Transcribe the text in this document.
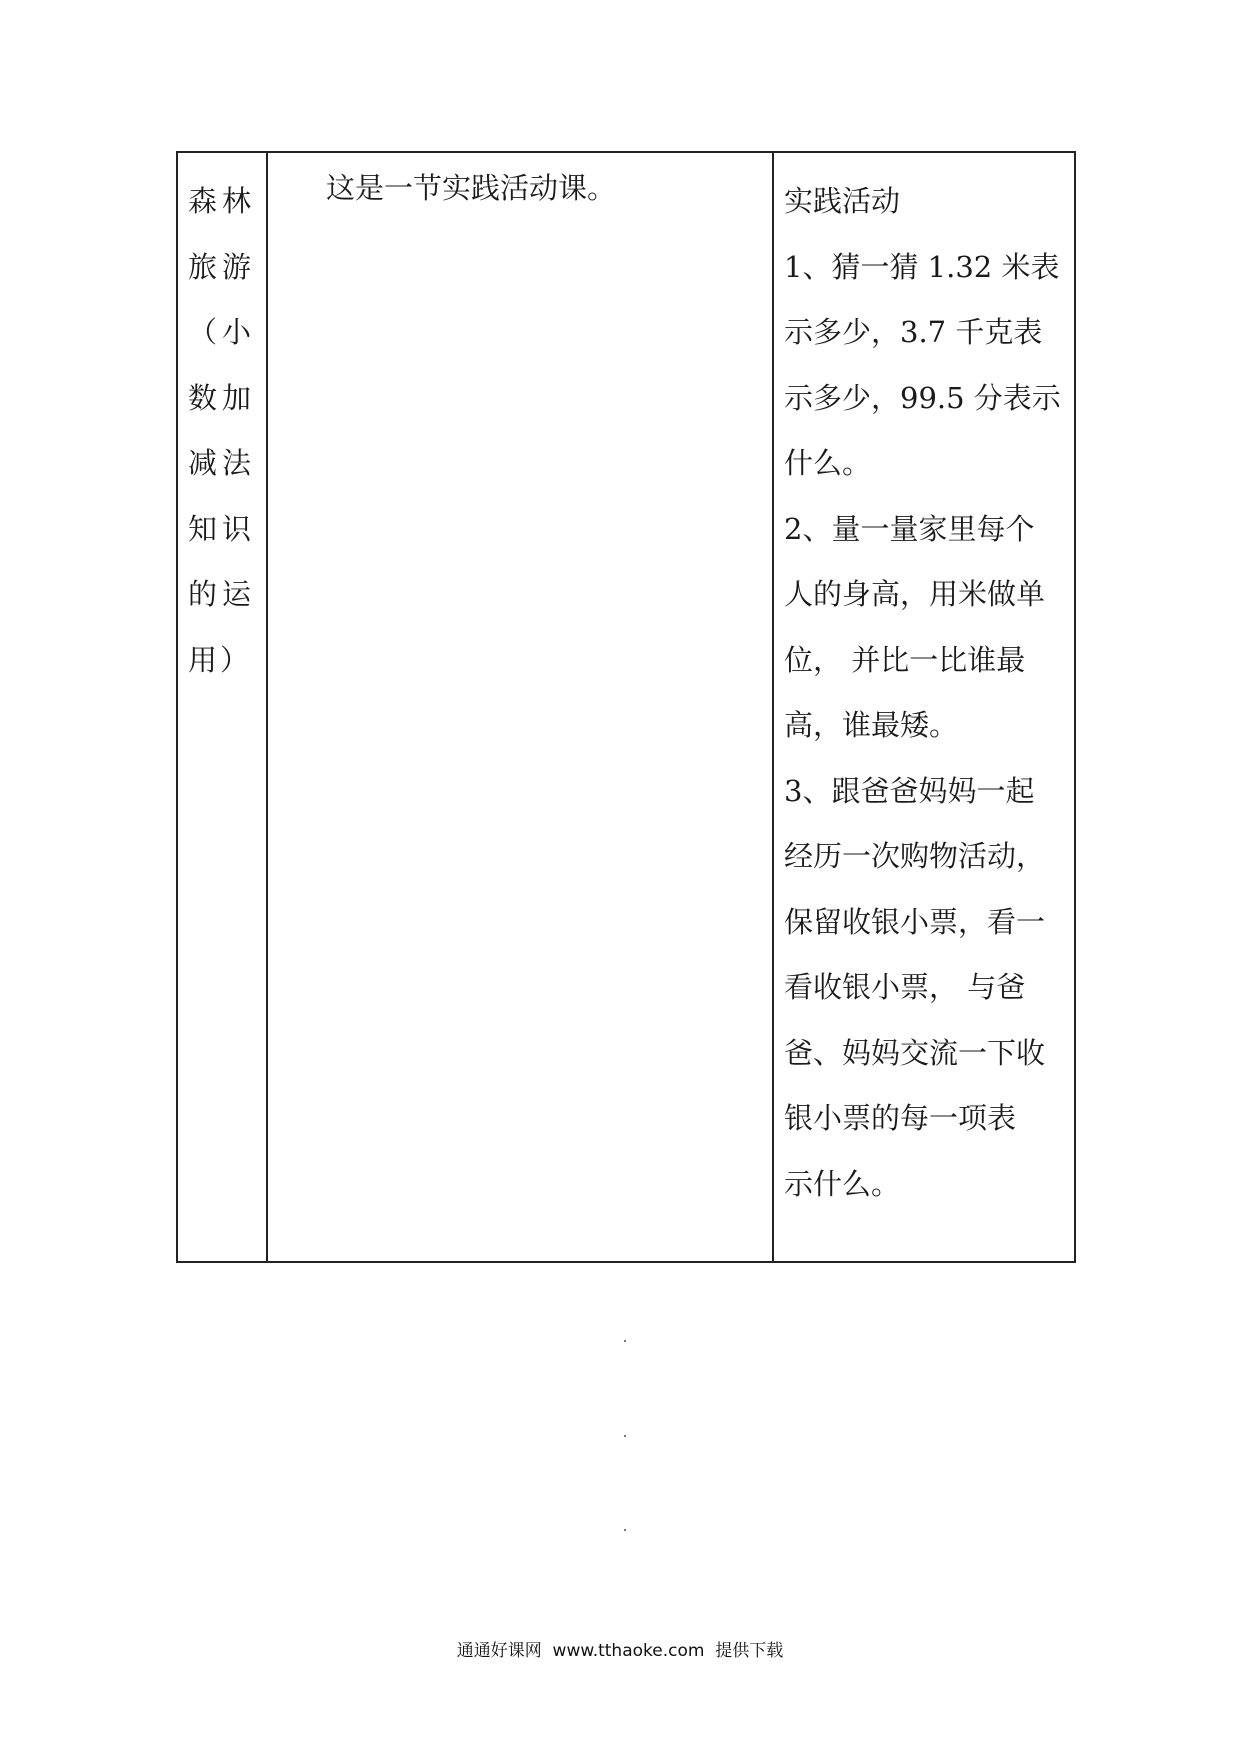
森林旅游（小数加减法知识的运用）
这是一节实践活动课。	实践活动
1、猜一猜 1.32 米表
示多少，3.7 千克表
示多少，99.5 分表示
什么。
2、量一量家里每个
人的身高，用米做单
位， 并比一比谁最
高，谁最矮。
3、跟爸爸妈妈一起
经历一次购物活动，
保留收银小票，看一
看收银小票， 与爸
爸、妈妈交流一下收
银小票的每一项表
示什么。
通通好课网  www.tthaoke.com  提供下载
